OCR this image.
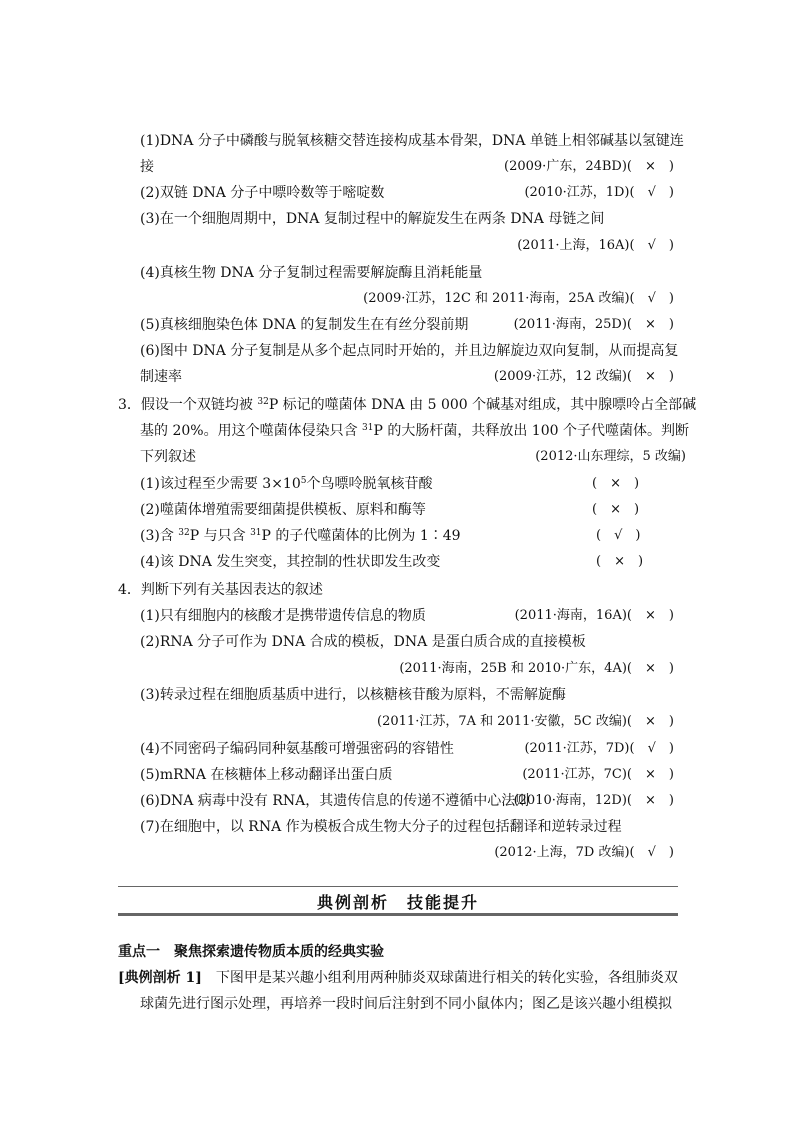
(1)DNA 分子中磷酸与脱氧核糖交替连接构成基本骨架，DNA 单链上相邻碱基以氢键连
接	(2009·广东，24BD)(　 ×　 )
(2)双链 DNA 分子中嘌呤数等于嘧啶数	(2010·江苏，1D)(　 √　 )
(3)在一个细胞周期中，DNA 复制过程中的解旋发生在两条 DNA 母链之间
(2011·上海，16A)(　 √　 )
(4)真核生物 DNA 分子复制过程需要解旋酶且消耗能量
(2009·江苏，12C 和 2011·海南，25A 改编)(　 √　 )
(5)真核细胞染色体 DNA 的复制发生在有丝分裂前期	(2011·海南，25D)(　 ×　 )
(6)图中 DNA 分子复制是从多个起点同时开始的，并且边解旋边双向复制，从而提高复
制速率	(2009·江苏，12 改编)(　 ×　 )
3．假设一个双链均被 $^{32}$P 标记的噬菌体 DNA 由 5 000 个碱基对组成，其中腺嘌呤占全部碱
基的 20%。用这个噬菌体侵染只含 $^{31}$P 的大肠杆菌，共释放出 100 个子代噬菌体。判断
下列叙述	(2012·山东理综，5 改编)
(1)该过程至少需要 $3\times 10^5$个鸟嘌呤脱氧核苷酸	(　×　 )
(2)噬菌体增殖需要细菌提供模板、原料和酶等	(　×　 )
(3)含 $^{32}$P 与只含 $^{31}$P 的子代噬菌体的比例为 1∶49	(　√　 )
(4)该 DNA 发生突变，其控制的性状即发生改变	(　×　 )
4．判断下列有关基因表达的叙述
(1)只有细胞内的核酸才是携带遗传信息的物质	(2011·海南，16A)(　 ×　 )
(2)RNA 分子可作为 DNA 合成的模板，DNA 是蛋白质合成的直接模板
(2011·海南，25B 和 2010·广东，4A)(　 ×　 )
(3)转录过程在细胞质基质中进行，以核糖核苷酸为原料，不需解旋酶
(2011·江苏，7A 和 2011·安徽，5C 改编)(　 ×　 )
(4)不同密码子编码同种氨基酸可增强密码的容错性	(2011·江苏，7D)(　 √　 )
(5)mRNA 在核糖体上移动翻译出蛋白质	(2011·江苏，7C)(　 ×　 )
(6)DNA 病毒中没有 RNA，其遗传信息的传递不遵循中心法则
(2010·海南，12D)(　 ×　 )
(7)在细胞中，以 RNA 作为模板合成生物大分子的过程包括翻译和逆转录过程
(2012·上海，7D 改编)(　 √　 )
典例剖析　技能提升
重点一　聚焦探索遗传物质本质的经典实验
[典例剖析 1]　 下图甲是某兴趣小组利用两种肺炎双球菌进行相关的转化实验，各组肺炎双
球菌先进行图示处理，再培养一段时间后注射到不同小鼠体内；图乙是该兴趣小组模拟
